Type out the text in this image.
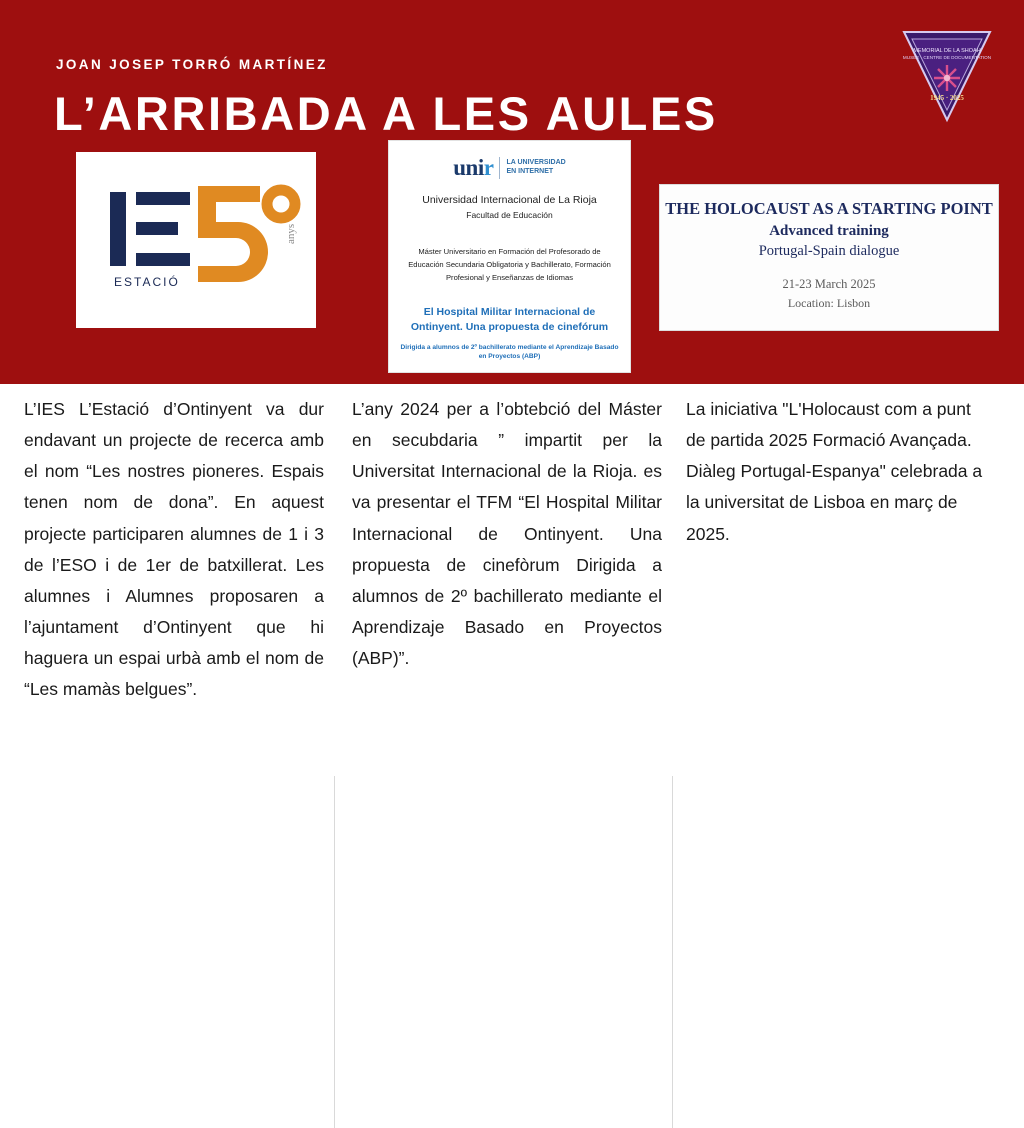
JOAN JOSEP TORRÓ MARTÍNEZ
L’ARRIBADA A LES AULES
MEMORIAL DE LA SHOAH
MUSÉE · CENTRE DE DOCUMENTATION
1945 · 2025
anys
ESTACIÓ
unir LA UNIVERSIDAD
EN INTERNET
Universidad Internacional de La Rioja
Facultad de Educación
Máster Universitario en Formación del Profesorado de
Educación Secundaria Obligatoria y Bachillerato, Formación
Profesional y Enseñanzas de Idiomas
El Hospital Militar Internacional de
Ontinyent. Una propuesta de cinefórum
Dirigida a alumnos de 2º bachillerato mediante el Aprendizaje Basado
en Proyectos (ABP)
THE HOLOCAUST AS A STARTING POINT
Advanced training
Portugal-Spain dialogue
21-23 March 2025
Location: Lisbon

L’IES L’Estació d’Ontinyent va dur endavant un projecte de recerca amb el nom “Les nostres pioneres. Espais tenen nom de dona”. En aquest projecte participaren alumnes de 1 i 3 de l’ESO i de 1er de batxillerat. Les alumnes i Alumnes proposaren a l’ajuntament d’Ontinyent que hi haguera un espai urbà amb el nom de “Les mamàs belgues”.

L’any 2024 per a l’obtebció del Máster en secubdaria ” impartit per la Universitat Internacional de la Rioja. es va presentar el TFM “El Hospital Militar Internacional de Ontinyent. Una propuesta de cinefòrum Dirigida a alumnos de 2º bachillerato mediante el Aprendizaje Basado en Proyectos (ABP)”.

La iniciativa "L'Holocaust com a punt de partida 2025 Formació Avançada. Diàleg Portugal-Espanya" celebrada a la universitat de Lisboa en març de 2025.
